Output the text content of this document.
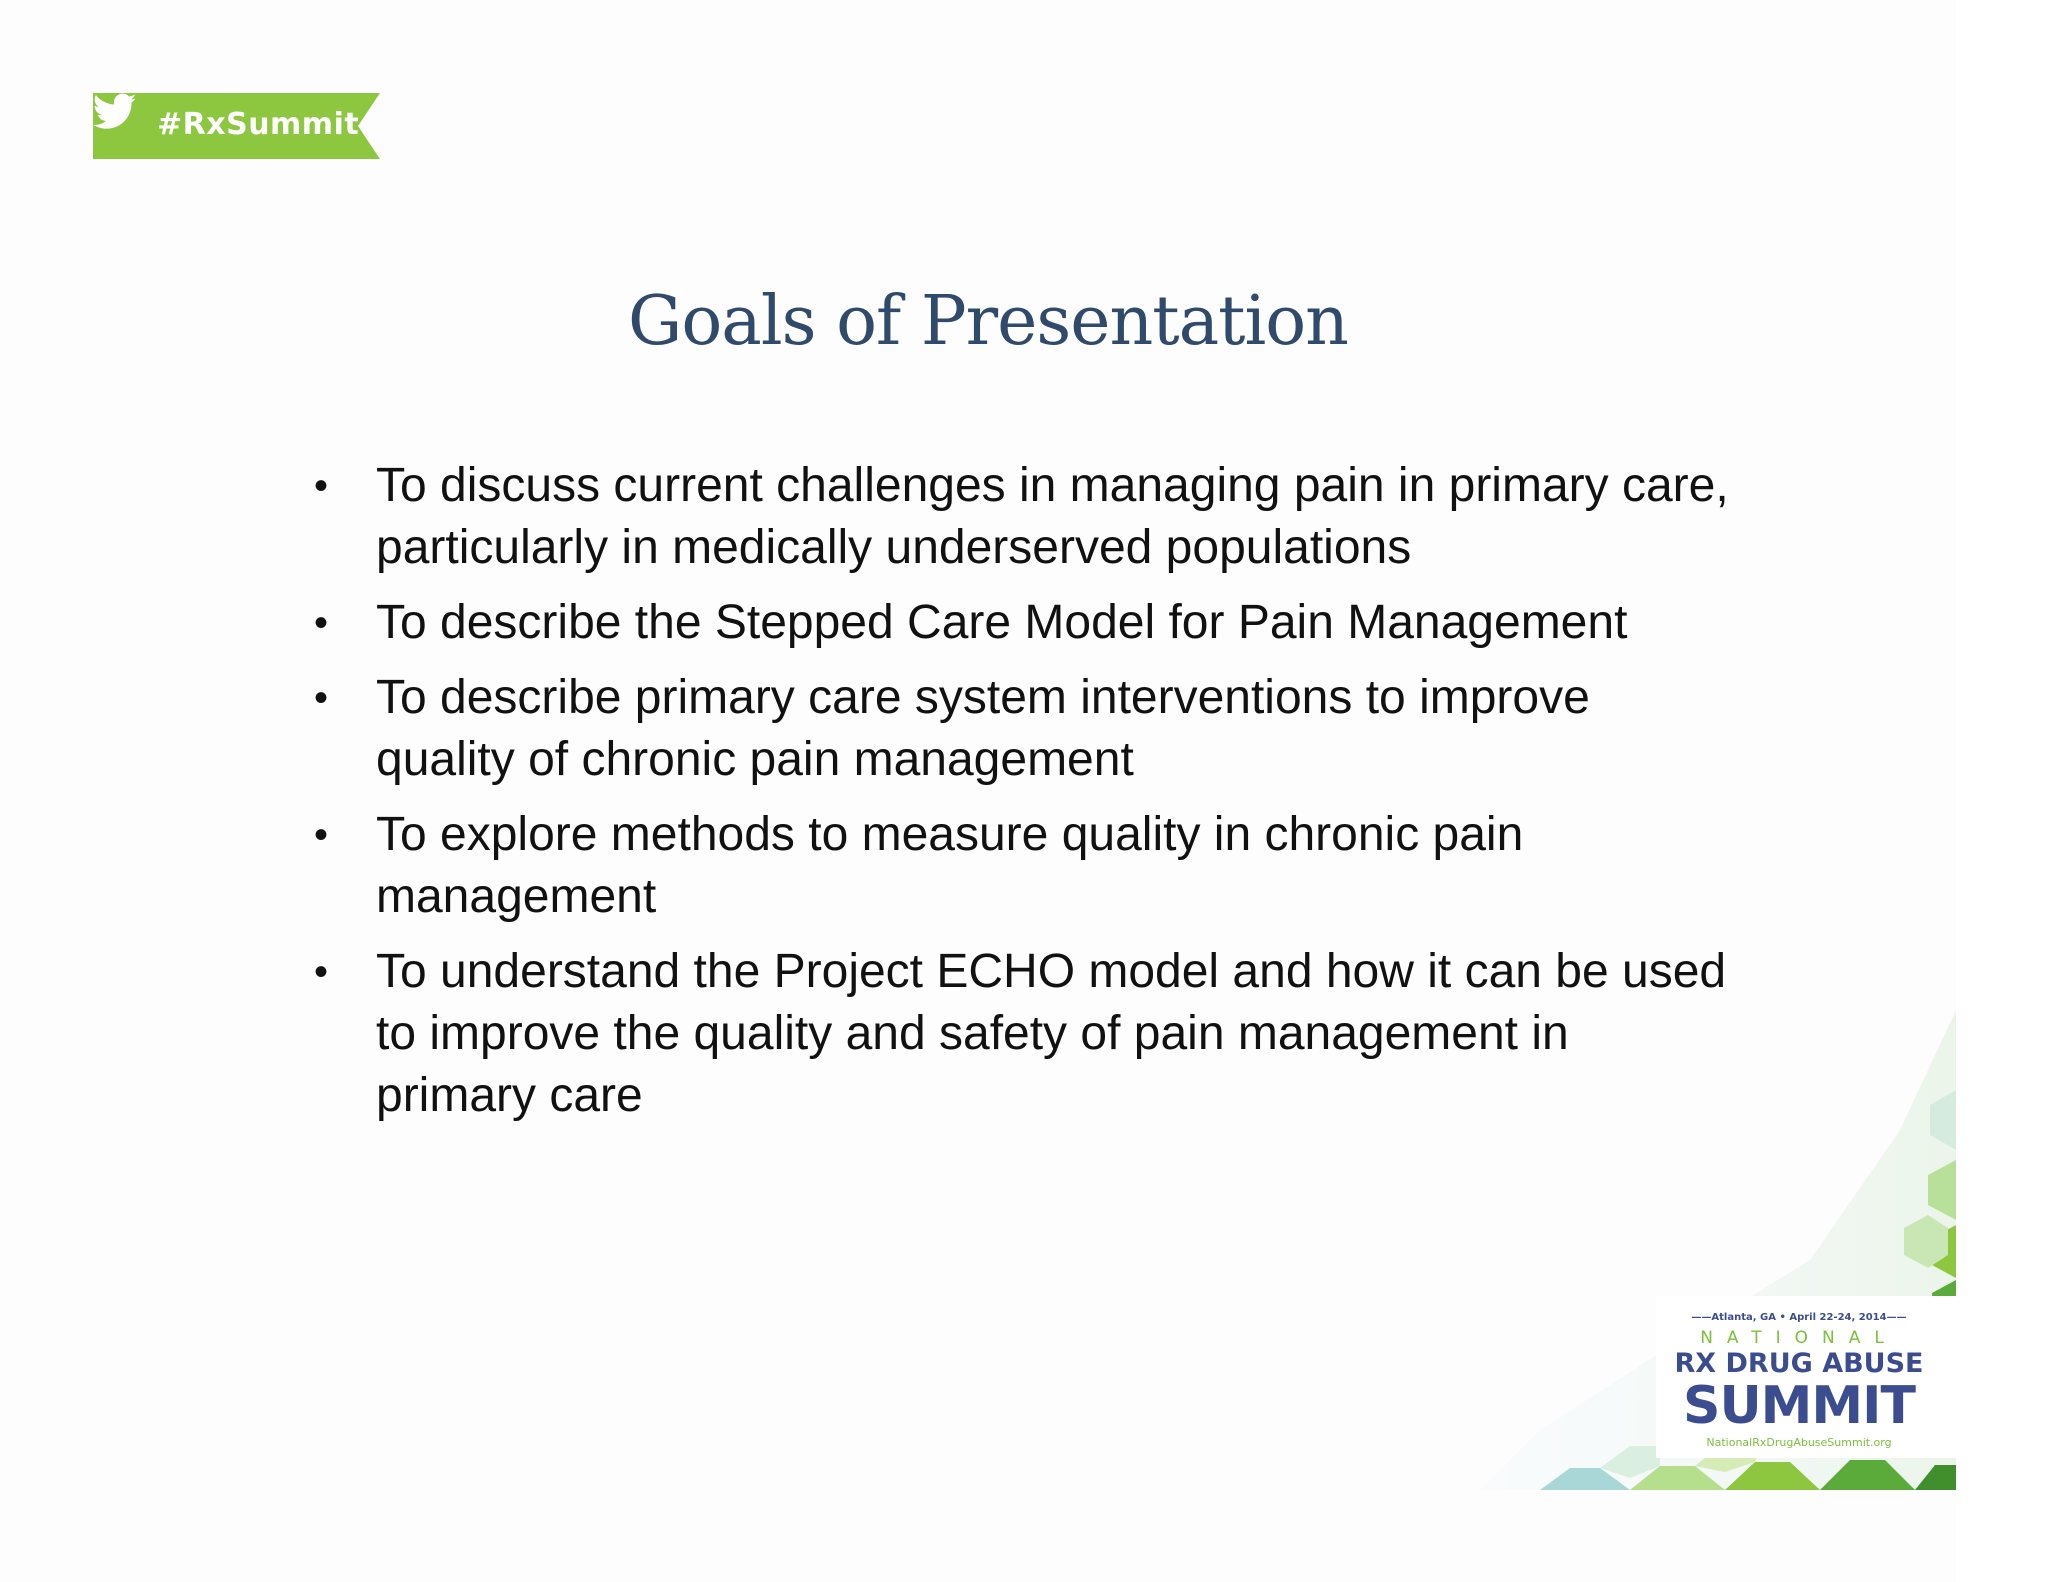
#RxSummit
Goals of Presentation
• To discuss current challenges in managing pain in primary care, particularly in medically underserved populations
• To describe the Stepped Care Model for Pain Management
• To describe primary care system interventions to improve quality of chronic pain management
• To explore methods to measure quality in chronic pain management
• To understand the Project ECHO model and how it can be used to improve the quality and safety of pain management in primary care
——Atlanta, GA • April 22-24, 2014——
NATIONAL
RX DRUG ABUSE
SUMMIT
NationalRxDrugAbuseSummit.org
